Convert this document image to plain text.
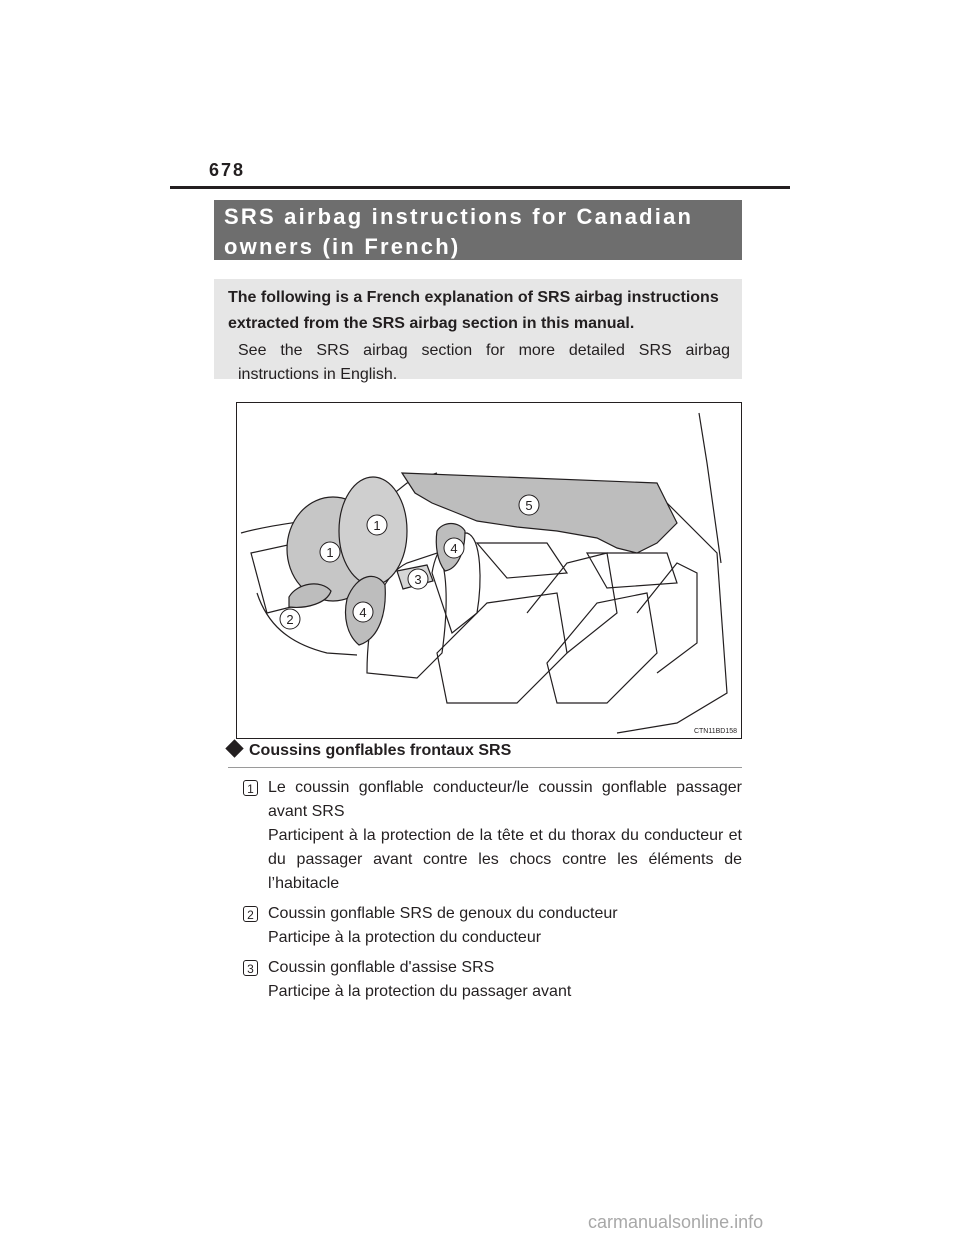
678
SRS airbag instructions for Canadian
owners (in French)
The following is a French explanation of SRS airbag instructions
extracted from the SRS airbag section in this manual.
See the SRS airbag section for more detailed SRS airbag instructions in English.
1
1
2
3
4
4
5
CTN11BD158
Coussins gonflables frontaux SRS
1 Le coussin gonflable conducteur/le coussin gonflable passager avant SRS
Participent à la protection de la tête et du thorax du conducteur et du passager avant contre les chocs contre les éléments de l’habitacle
2 Coussin gonflable SRS de genoux du conducteur
Participe à la protection du conducteur
3 Coussin gonflable d'assise SRS
Participe à la protection du passager avant
carmanualsonline.info
